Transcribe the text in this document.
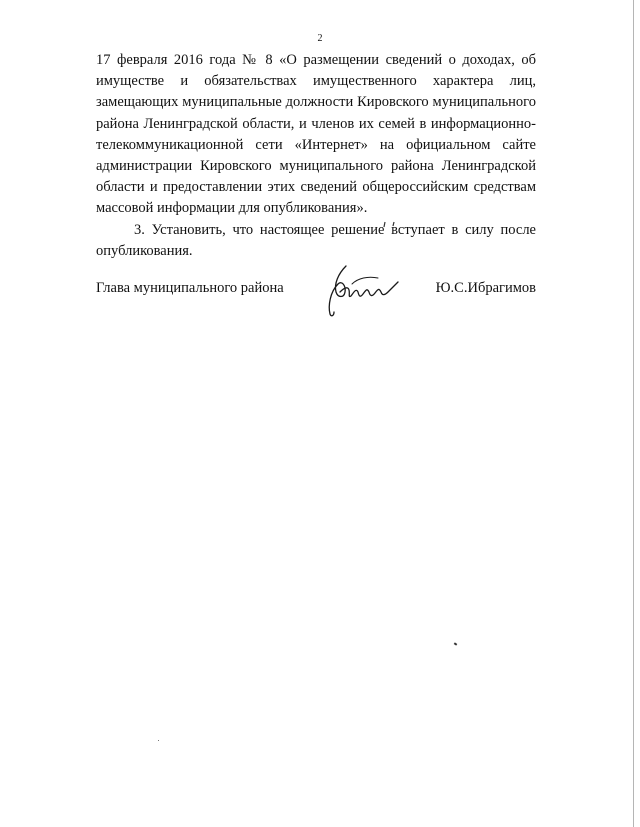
2
17 февраля 2016 года № 8 «О размещении сведений о доходах, об
имуществе и обязательствах имущественного характера лиц,
замещающих муниципальные должности Кировского муниципального
района Ленинградской области, и членов их семей в информационно-
телекоммуникационной сети «Интернет» на официальном сайте
администрации Кировского муниципального района Ленинградской
области и предоставлении этих сведений общероссийским средствам
массовой информации для опубликования».
3. Установить, что настоящее решение вступает в силу после
опубликования.
Глава муниципального района	Ю.С.Ибрагимов
